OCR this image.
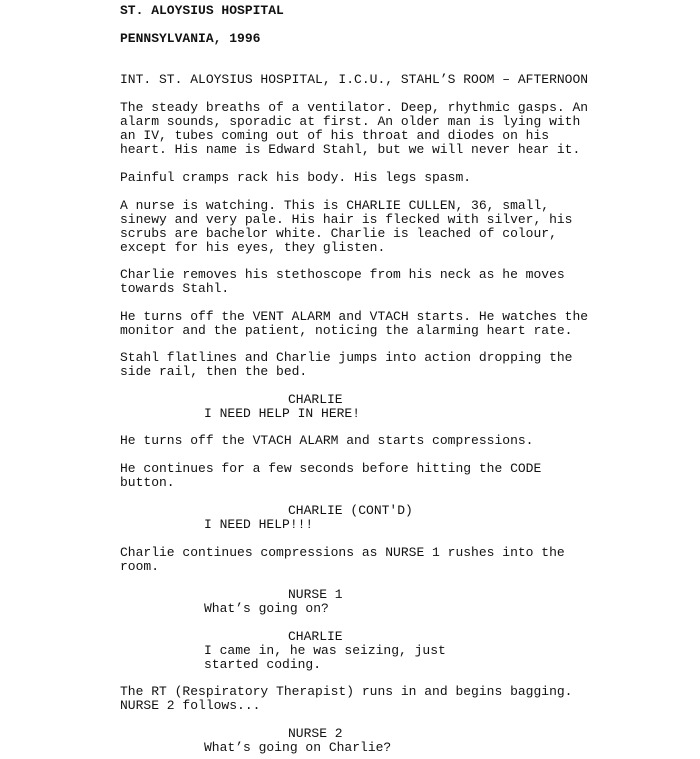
ST. ALOYSIUS HOSPITAL
PENNSYLVANIA, 1996
INT. ST. ALOYSIUS HOSPITAL, I.C.U., STAHL’S ROOM – AFTERNOON
The steady breaths of a ventilator. Deep, rhythmic gasps. An
alarm sounds, sporadic at first. An older man is lying with
an IV, tubes coming out of his throat and diodes on his
heart. His name is Edward Stahl, but we will never hear it.
Painful cramps rack his body. His legs spasm.
A nurse is watching. This is CHARLIE CULLEN, 36, small,
sinewy and very pale. His hair is flecked with silver, his
scrubs are bachelor white. Charlie is leached of colour,
except for his eyes, they glisten.
Charlie removes his stethoscope from his neck as he moves
towards Stahl.
He turns off the VENT ALARM and VTACH starts. He watches the
monitor and the patient, noticing the alarming heart rate.
Stahl flatlines and Charlie jumps into action dropping the
side rail, then the bed.
CHARLIE
I NEED HELP IN HERE!
He turns off the VTACH ALARM and starts compressions.
He continues for a few seconds before hitting the CODE
button.
CHARLIE (CONT'D)
I NEED HELP!!!
Charlie continues compressions as NURSE 1 rushes into the
room.
NURSE 1
What’s going on?
CHARLIE
I came in, he was seizing, just
started coding.
The RT (Respiratory Therapist) runs in and begins bagging.
NURSE 2 follows...
NURSE 2
What’s going on Charlie?
